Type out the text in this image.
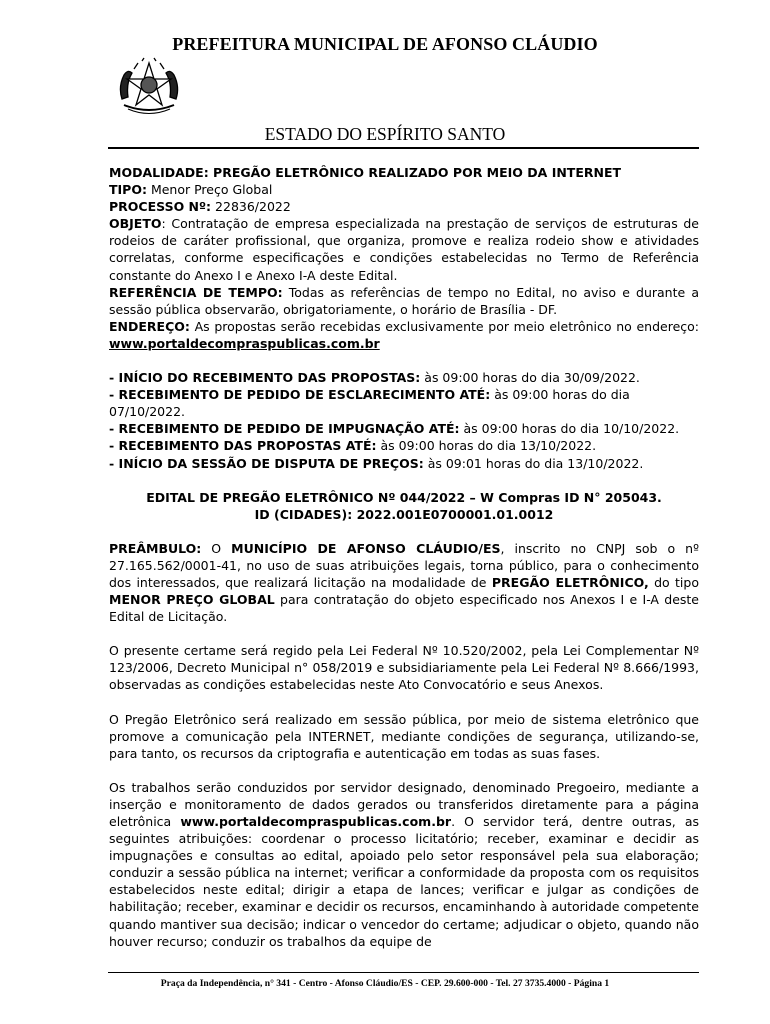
PREFEITURA MUNICIPAL DE AFONSO CLÁUDIO
ESTADO DO ESPÍRITO SANTO

MODALIDADE: PREGÃO ELETRÔNICO REALIZADO POR MEIO DA INTERNET

TIPO: Menor Preço Global

PROCESSO Nº: 22836/2022

OBJETO: Contratação de empresa especializada na prestação de serviços de estruturas de rodeios de caráter profissional, que organiza, promove e realiza rodeio show e atividades correlatas, conforme especificações e condições estabelecidas no Termo de Referência constante do Anexo I e Anexo I-A deste Edital.

REFERÊNCIA DE TEMPO: Todas as referências de tempo no Edital, no aviso e durante a sessão pública observarão, obrigatoriamente, o horário de Brasília - DF.

ENDEREÇO: As propostas serão recebidas exclusivamente por meio eletrônico no endereço: www.portaldecompraspublicas.com.br

- INÍCIO DO RECEBIMENTO DAS PROPOSTAS: às 09:00 horas do dia 30/09/2022.

- RECEBIMENTO DE PEDIDO DE ESCLARECIMENTO ATÉ: às 09:00 horas do dia 07/10/2022.

- RECEBIMENTO DE PEDIDO DE IMPUGNAÇÃO ATÉ: às 09:00 horas do dia 10/10/2022.

- RECEBIMENTO DAS PROPOSTAS ATÉ: às 09:00 horas do dia 13/10/2022.

- INÍCIO DA SESSÃO DE DISPUTA DE PREÇOS: às 09:01 horas do dia 13/10/2022.

EDITAL DE PREGÃO ELETRÔNICO Nº 044/2022 – W Compras ID N° 205043.

ID (CIDADES): 2022.001E0700001.01.0012

PREÂMBULO: O MUNICÍPIO DE AFONSO CLÁUDIO/ES, inscrito no CNPJ sob o nº 27.165.562/0001-41, no uso de suas atribuições legais, torna público, para o conhecimento dos interessados, que realizará licitação na modalidade de PREGÃO ELETRÔNICO, do tipo MENOR PREÇO GLOBAL para contratação do objeto especificado nos Anexos I e I-A deste Edital de Licitação.

O presente certame será regido pela Lei Federal Nº 10.520/2002, pela Lei Complementar Nº 123/2006, Decreto Municipal n° 058/2019 e subsidiariamente pela Lei Federal Nº 8.666/1993, observadas as condições estabelecidas neste Ato Convocatório e seus Anexos.

O Pregão Eletrônico será realizado em sessão pública, por meio de sistema eletrônico que promove a comunicação pela INTERNET, mediante condições de segurança, utilizando-se, para tanto, os recursos da criptografia e autenticação em todas as suas fases.

Os trabalhos serão conduzidos por servidor designado, denominado Pregoeiro, mediante a inserção e monitoramento de dados gerados ou transferidos diretamente para a página eletrônica www.portaldecompraspublicas.com.br. O servidor terá, dentre outras, as seguintes atribuições: coordenar o processo licitatório; receber, examinar e decidir as impugnações e consultas ao edital, apoiado pelo setor responsável pela sua elaboração; conduzir a sessão pública na internet; verificar a conformidade da proposta com os requisitos estabelecidos neste edital; dirigir a etapa de lances; verificar e julgar as condições de habilitação; receber, examinar e decidir os recursos, encaminhando à autoridade competente quando mantiver sua decisão; indicar o vencedor do certame; adjudicar o objeto, quando não houver recurso; conduzir os trabalhos da equipe de

Praça da Independência, n° 341 - Centro - Afonso Cláudio/ES - CEP. 29.600-000 - Tel. 27 3735.4000 - Página 1
